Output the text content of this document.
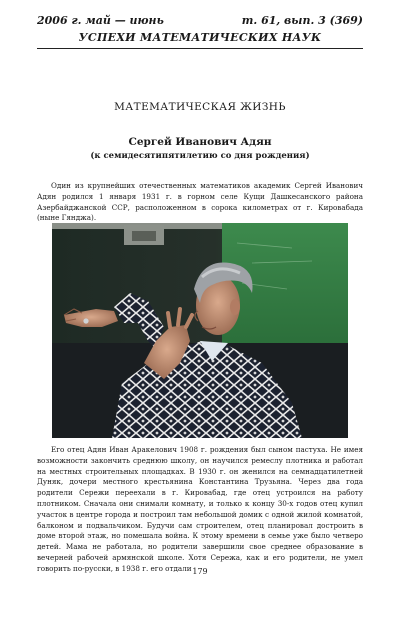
2006 г. май — июнь	т. 61, вып. 3 (369)
УСПЕХИ МАТЕМАТИЧЕСКИХ НАУК
МАТЕМАТИЧЕСКАЯ ЖИЗНЬ
Сергей Иванович Адян
(к семидесятипятилетию со дня рождения)

Один из крупнейших отечественных математиков академик Сергей Иванович Адян родился 1 января 1931 г. в горном селе Кущи Дашкесанского района Азербайджанской ССР, расположенном в сорока километрах от г. Кировабада (ныне Гянджа).

Его отец Адян Иван Аракелович 1908 г. рождения был сыном пастуха. Не имея возможности закончить среднюю школу, он научился ремеслу плотника и работал на местных строительных площадках. В 1930 г. он женился на семнадцатилетней Дуняк, дочери местного крестьянина Константина Трузьяна. Через два года родители Сережи переехали в г. Кировабад, где отец устроился на работу плотником. Сначала они снимали комнату, и только к концу 30-х годов отец купил участок в центре города и построил там небольшой домик с одной жилой комнатой, балконом и подвальчиком. Будучи сам строителем, отец планировал достроить в доме второй этаж, но помешала война. К этому времени в семье уже было четверо детей. Мама не работала, но родители завершили свое среднее образование в вечерней рабочей армянской школе. Хотя Сережа, как и его родители, не умел говорить по-русски, в 1938 г. его отдали 179
